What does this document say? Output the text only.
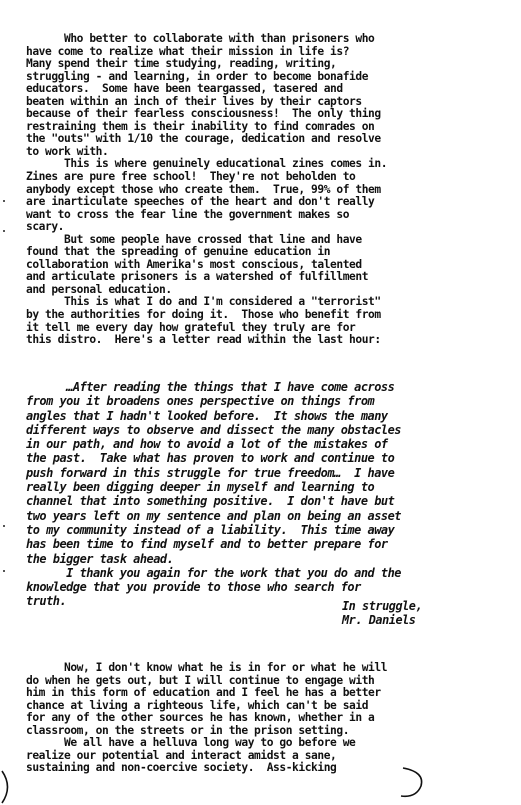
Who better to collaborate with than prisoners who
have come to realize what their mission in life is?
Many spend their time studying, reading, writing,
struggling - and learning, in order to become bonafide
educators.  Some have been teargassed, tasered and
beaten within an inch of their lives by their captors
because of their fearless consciousness!  The only thing
restraining them is their inability to find comrades on
the "outs" with 1/10 the courage, dedication and resolve
to work with.
This is where genuinely educational zines comes in.
Zines are pure free school!  They're not beholden to
anybody except those who create them.  True, 99% of them
are inarticulate speeches of the heart and don't really
want to cross the fear line the government makes so
scary.
But some people have crossed that line and have
found that the spreading of genuine education in
collaboration with Amerika's most conscious, talented
and articulate prisoners is a watershed of fulfillment
and personal education.
This is what I do and I'm considered a "terrorist"
by the authorities for doing it.  Those who benefit from
it tell me every day how grateful they truly are for
this distro.  Here's a letter read within the last hour:
…After reading the things that I have come across
from you it broadens ones perspective on things from
angles that I hadn't looked before.  It shows the many
different ways to observe and dissect the many obstacles
in our path, and how to avoid a lot of the mistakes of
the past.  Take what has proven to work and continue to
push forward in this struggle for true freedom…  I have
really been digging deeper in myself and learning to
channel that into something positive.  I don't have but
two years left on my sentence and plan on being an asset
to my community instead of a liability.  This time away
has been time to find myself and to better prepare for
the bigger task ahead.
I thank you again for the work that you do and the
knowledge that you provide to those who search for
truth.	In struggle,
Mr. Daniels
Now, I don't know what he is in for or what he will
do when he gets out, but I will continue to engage with
him in this form of education and I feel he has a better
chance at living a righteous life, which can't be said
for any of the other sources he has known, whether in a
classroom, on the streets or in the prison setting.
We all have a helluva long way to go before we
realize our potential and interact amidst a sane,
sustaining and non-coercive society.  Ass-kicking
